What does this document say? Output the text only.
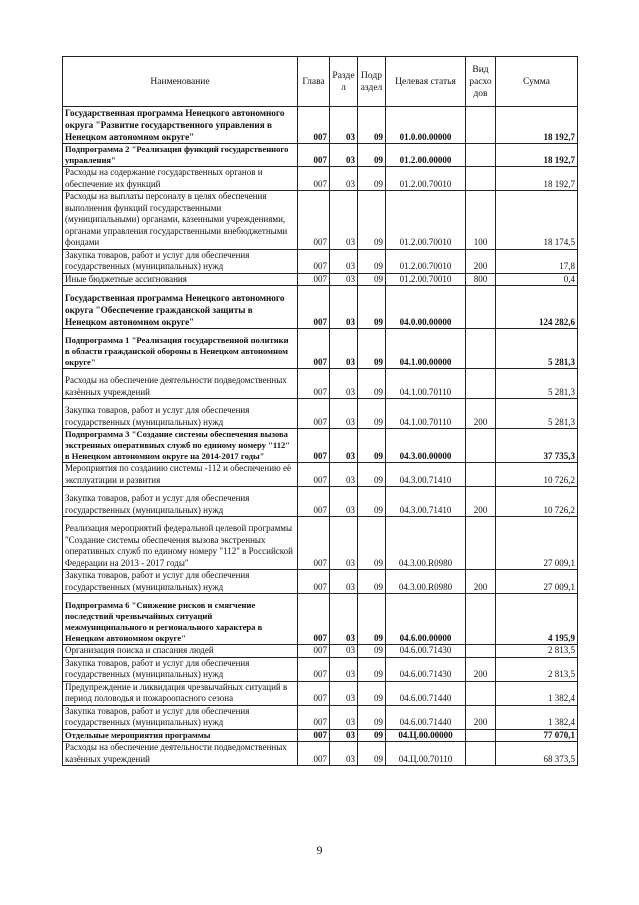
Наименование	Глава	Разде л	Подр аздел	Целевая статья	Вид расхо дов	Сумма
Государственная программа Ненецкого автономного округа "Развитие государственного управления в Ненецком автономном округе"	007	03	09	01.0.00.00000		18 192,7
Подпрограмма 2 "Реализация функций государственного управления"	007	03	09	01.2.00.00000		18 192,7
Расходы на содержание государственных органов и обеспечение их функций	007	03	09	01.2.00.70010		18 192,7
Расходы на выплаты персоналу в целях обеспечения выполнения функций государственными (муниципальными) органами, казенными учреждениями, органами управления государственными внебюджетными фондами	007	03	09	01.2.00.70010	100	18 174,5
Закупка товаров, работ и услуг для обеспечения государственных (муниципальных) нужд	007	03	09	01.2.00.70010	200	17,8
Иные бюджетные ассигнования	007	03	09	01.2.00.70010	800	0,4
Государственная программа Ненецкого автономного округа "Обеспечение гражданской защиты в Ненецком автономном округе"	007	03	09	04.0.00.00000		124 282,6
Подпрограмма 1 "Реализация государственной политики в области гражданской обороны в Ненецком автономном округе"	007	03	09	04.1.00.00000		5 281,3
Расходы на обеспечение деятельности подведомственных казённых учреждений	007	03	09	04.1.00.70110		5 281,3
Закупка товаров, работ и услуг для обеспечения государственных (муниципальных) нужд	007	03	09	04.1.00.70110	200	5 281,3
Подпрограмма 3 "Создание системы обеспечения вызова экстренных оперативных служб по единому номеру "112" в Ненецком автономном округе на 2014-2017 годы"	007	03	09	04.3.00.00000		37 735,3
Мероприятия по созданию системы -112 и обеспечению её эксплуатации и развития	007	03	09	04.3.00.71410		10 726,2
Закупка товаров, работ и услуг для обеспечения государственных (муниципальных) нужд	007	03	09	04.3.00.71410	200	10 726,2
Реализация мероприятий федеральной целевой программы "Создание системы обеспечения вызова экстренных оперативных служб по единому номеру "112" в Российской Федерации на 2013 - 2017 годы"	007	03	09	04.3.00.R0980		27 009,1
Закупка товаров, работ и услуг для обеспечения государственных (муниципальных) нужд	007	03	09	04.3.00.R0980	200	27 009,1
Подпрограмма 6 "Снижение рисков и смягчение последствий чрезвычайных ситуаций межмуниципального и регионального характера в Ненецком автономном округе"	007	03	09	04.6.00.00000		4 195,9
Организация поиска и спасания людей	007	03	09	04.6.00.71430		2 813,5
Закупка товаров, работ и услуг для обеспечения государственных (муниципальных) нужд	007	03	09	04.6.00.71430	200	2 813,5
Предупреждение и ликвидация чрезвычайных ситуаций в период половодья и пожароопасного сезона	007	03	09	04.6.00.71440		1 382,4
Закупка товаров, работ и услуг для обеспечения государственных (муниципальных) нужд	007	03	09	04.6.00.71440	200	1 382,4
Отдельные мероприятия программы	007	03	09	04.Ц.00.00000		77 070,1
Расходы на обеспечение деятельности подведомственных казённых учреждений	007	03	09	04.Ц.00.70110		68 373,5
9
